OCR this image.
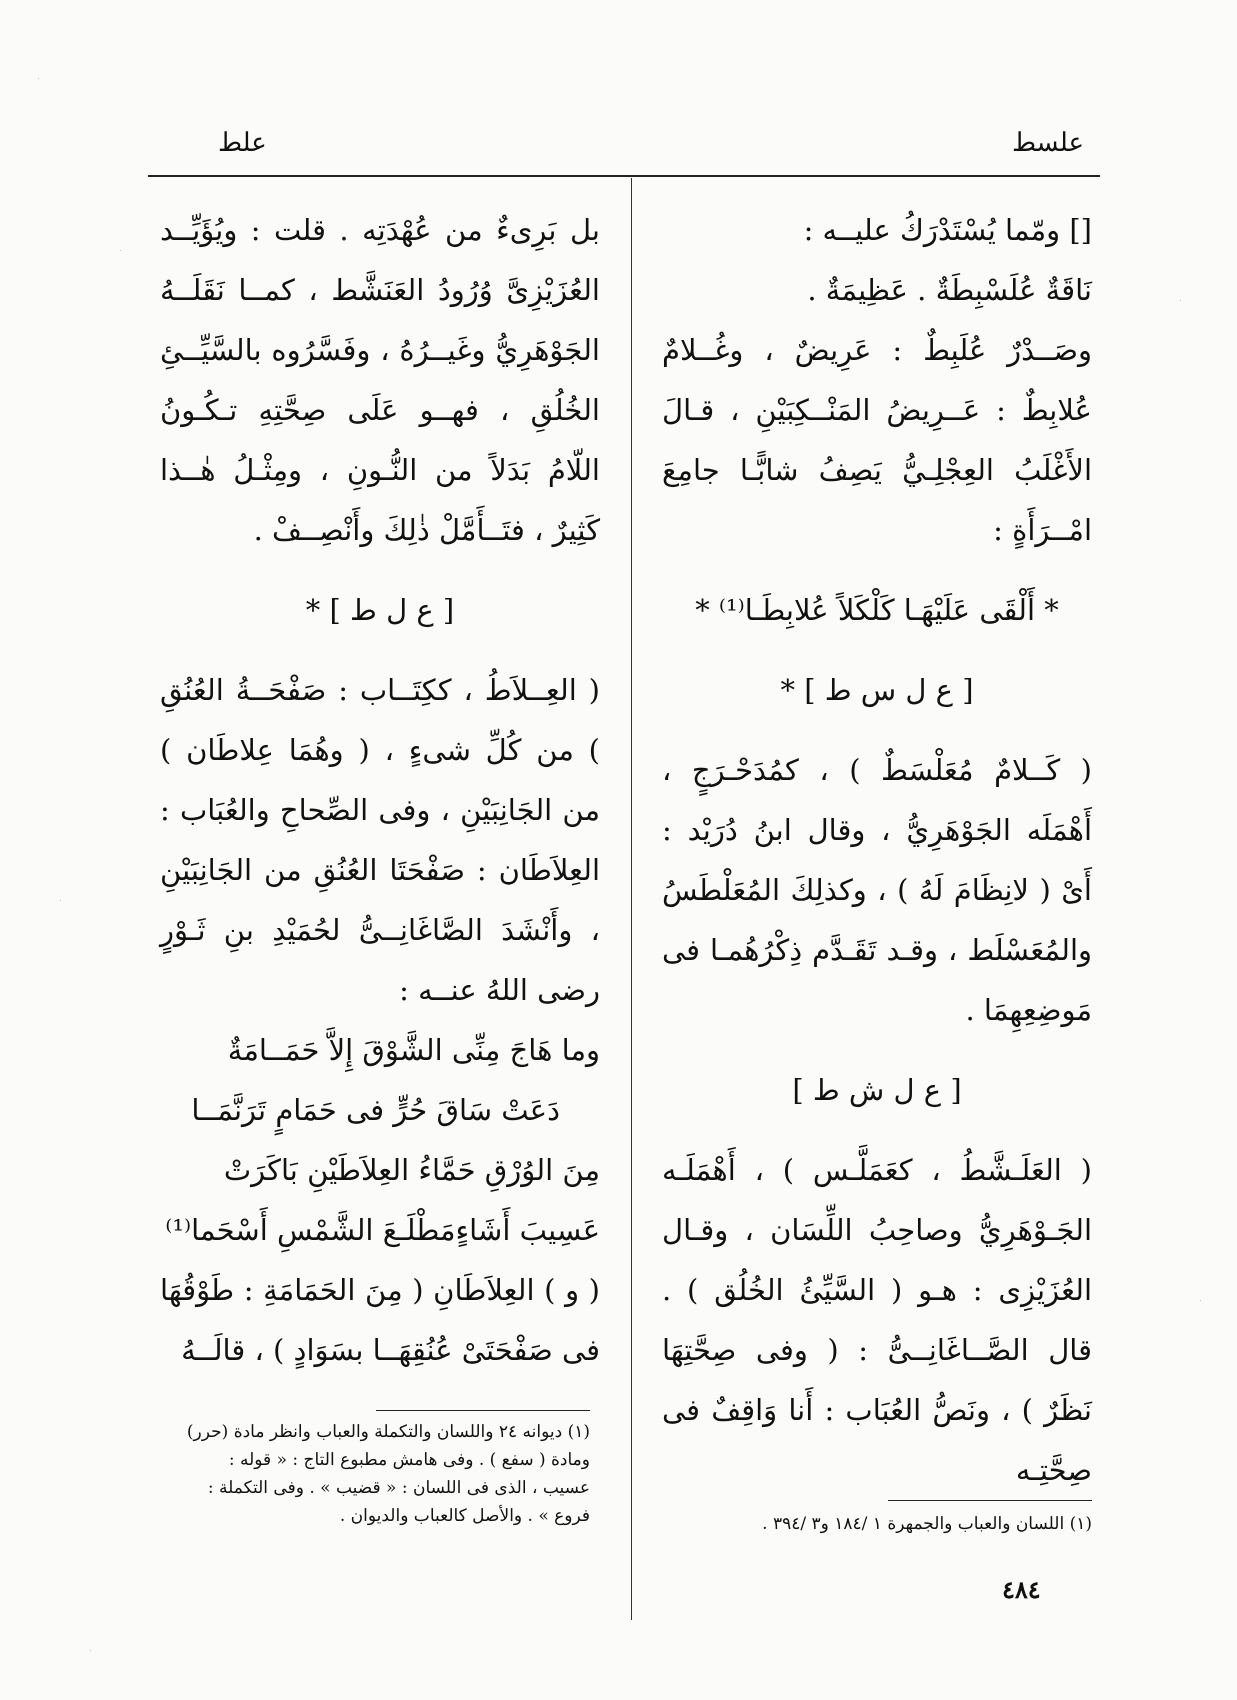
علسط
علط

[] ومّما يُسْتَدْرَكُ عليــه :

نَاقَةٌ عُلَسْبِطَةٌ . عَظِيمَةٌ .

وصَــدْرٌ عُلَبِطٌ : عَرِيضٌ ، وغُــلامٌ عُلابِطٌ : عَــرِيضُ المَنْــكِبَيْنِ ، قـالَ الأَغْلَبُ العِجْلِـيُّ يَصِفُ شابًّـا جامِعَ امْــرَأَةٍ :

* أَلْقَى عَلَيْهَـا كَلْكَلاً عُلابِطَـا⁽¹⁾ *

[ ع ل س ط ] *

( كَــلامٌ مُعَلْسَطٌ ) ، كمُدَحْـرَجٍ ، أَهْمَلَه الجَوْهَرِيُّ ، وقال ابنُ دُرَيْد : أَىْ ( لانِظَامَ لَهُ ) ، وكذلِكَ المُعَلْطَسُ والمُعَسْلَط ، وقـد تَقَـدَّم ذِكْرُهُمـا فى مَوضِعِهِمَا .

[ ع ل ش ط ]

( العَلَـشَّطُ ، كعَمَلَّـس ) ، أَهْمَلَـه الجَـوْهَرِيُّ وصاحِبُ اللِّسَان ، وقـال العُزَيْزِى : هـو ( السَّيِّئُ الخُلُق ) . قال الصَّــاغَانِــىُّ : ( وفى صِحَّتِهَا نَظَرٌ ) ، ونَصُّ العُبَاب : أَنا وَاقِفٌ فى صِحَّتِـه

بل بَرِىءٌ من عُهْدَتِه . قلت : ويُؤَيِّــد العُزَيْزِىَّ وُرُودُ العَنَشَّط ، كمــا نَقَلَــهُ الجَوْهَرِيُّ وغَيــرُهُ ، وفَسَّرُوه بالسَّيِّــئِ الخُلُقِ ، فهــو عَلَى صِحَّتِهِ تـكُـونُ اللّامُ بَدَلاً من النُّـونِ ، ومِثْـلُ هٰــذا كَثِيرٌ ، فتَــأَمَّلْ ذٰلِكَ وأَنْصِــفْ .

[ ع ل ط ] *

( العِــلاَطُ ، ككِتَــاب : صَفْحَــةُ العُنُقِ ) من كُلِّ شىءٍ ، ( وهُمَا عِلاطَان ) من الجَانِبَيْنِ ، وفى الصِّحاحِ والعُبَاب : العِلاَطَان : صَفْحَتَا العُنُقِ من الجَانِبَيْنِ ، وأَنْشَدَ الصَّاغَانِــىُّ لحُمَيْدِ بنِ ثَـوْرٍ رضى اللهُ عنــه :

وما هَاجَ مِنِّى الشَّوْقَ إِلاَّ حَمَــامَةٌ

دَعَتْ سَاقَ حُرٍّ فى حَمَامٍ تَرَنَّمَــا

مِنَ الوُرْقِ حَمَّاءُ العِلاَطَيْنِ بَاكَرَتْ

عَسِيبَ أَشَاءٍمَطْلَـعَ الشَّمْسِ أَسْحَما⁽¹⁾

( و ) العِلاَطَانِ ( مِنَ الحَمَامَةِ : طَوْقُهَا فى صَفْحَتَىْ عُنُقِهَــا بسَوَادٍ ) ، قالَــهُ

(١) اللسان والعباب والجمهرة ١ /١٨٤ و٣ /٣٩٤ .

(١) ديوانه ٢٤ واللسان والتكملة والعباب وانظر مادة (حرر)

ومادة ( سفع ) . وفى هامش مطبوع التاج : « قوله :

عسيب ، الذى فى اللسان : « قضيب » . وفى التكملة :

فروع » . والأصل كالعباب والديوان .

٤٨٤
